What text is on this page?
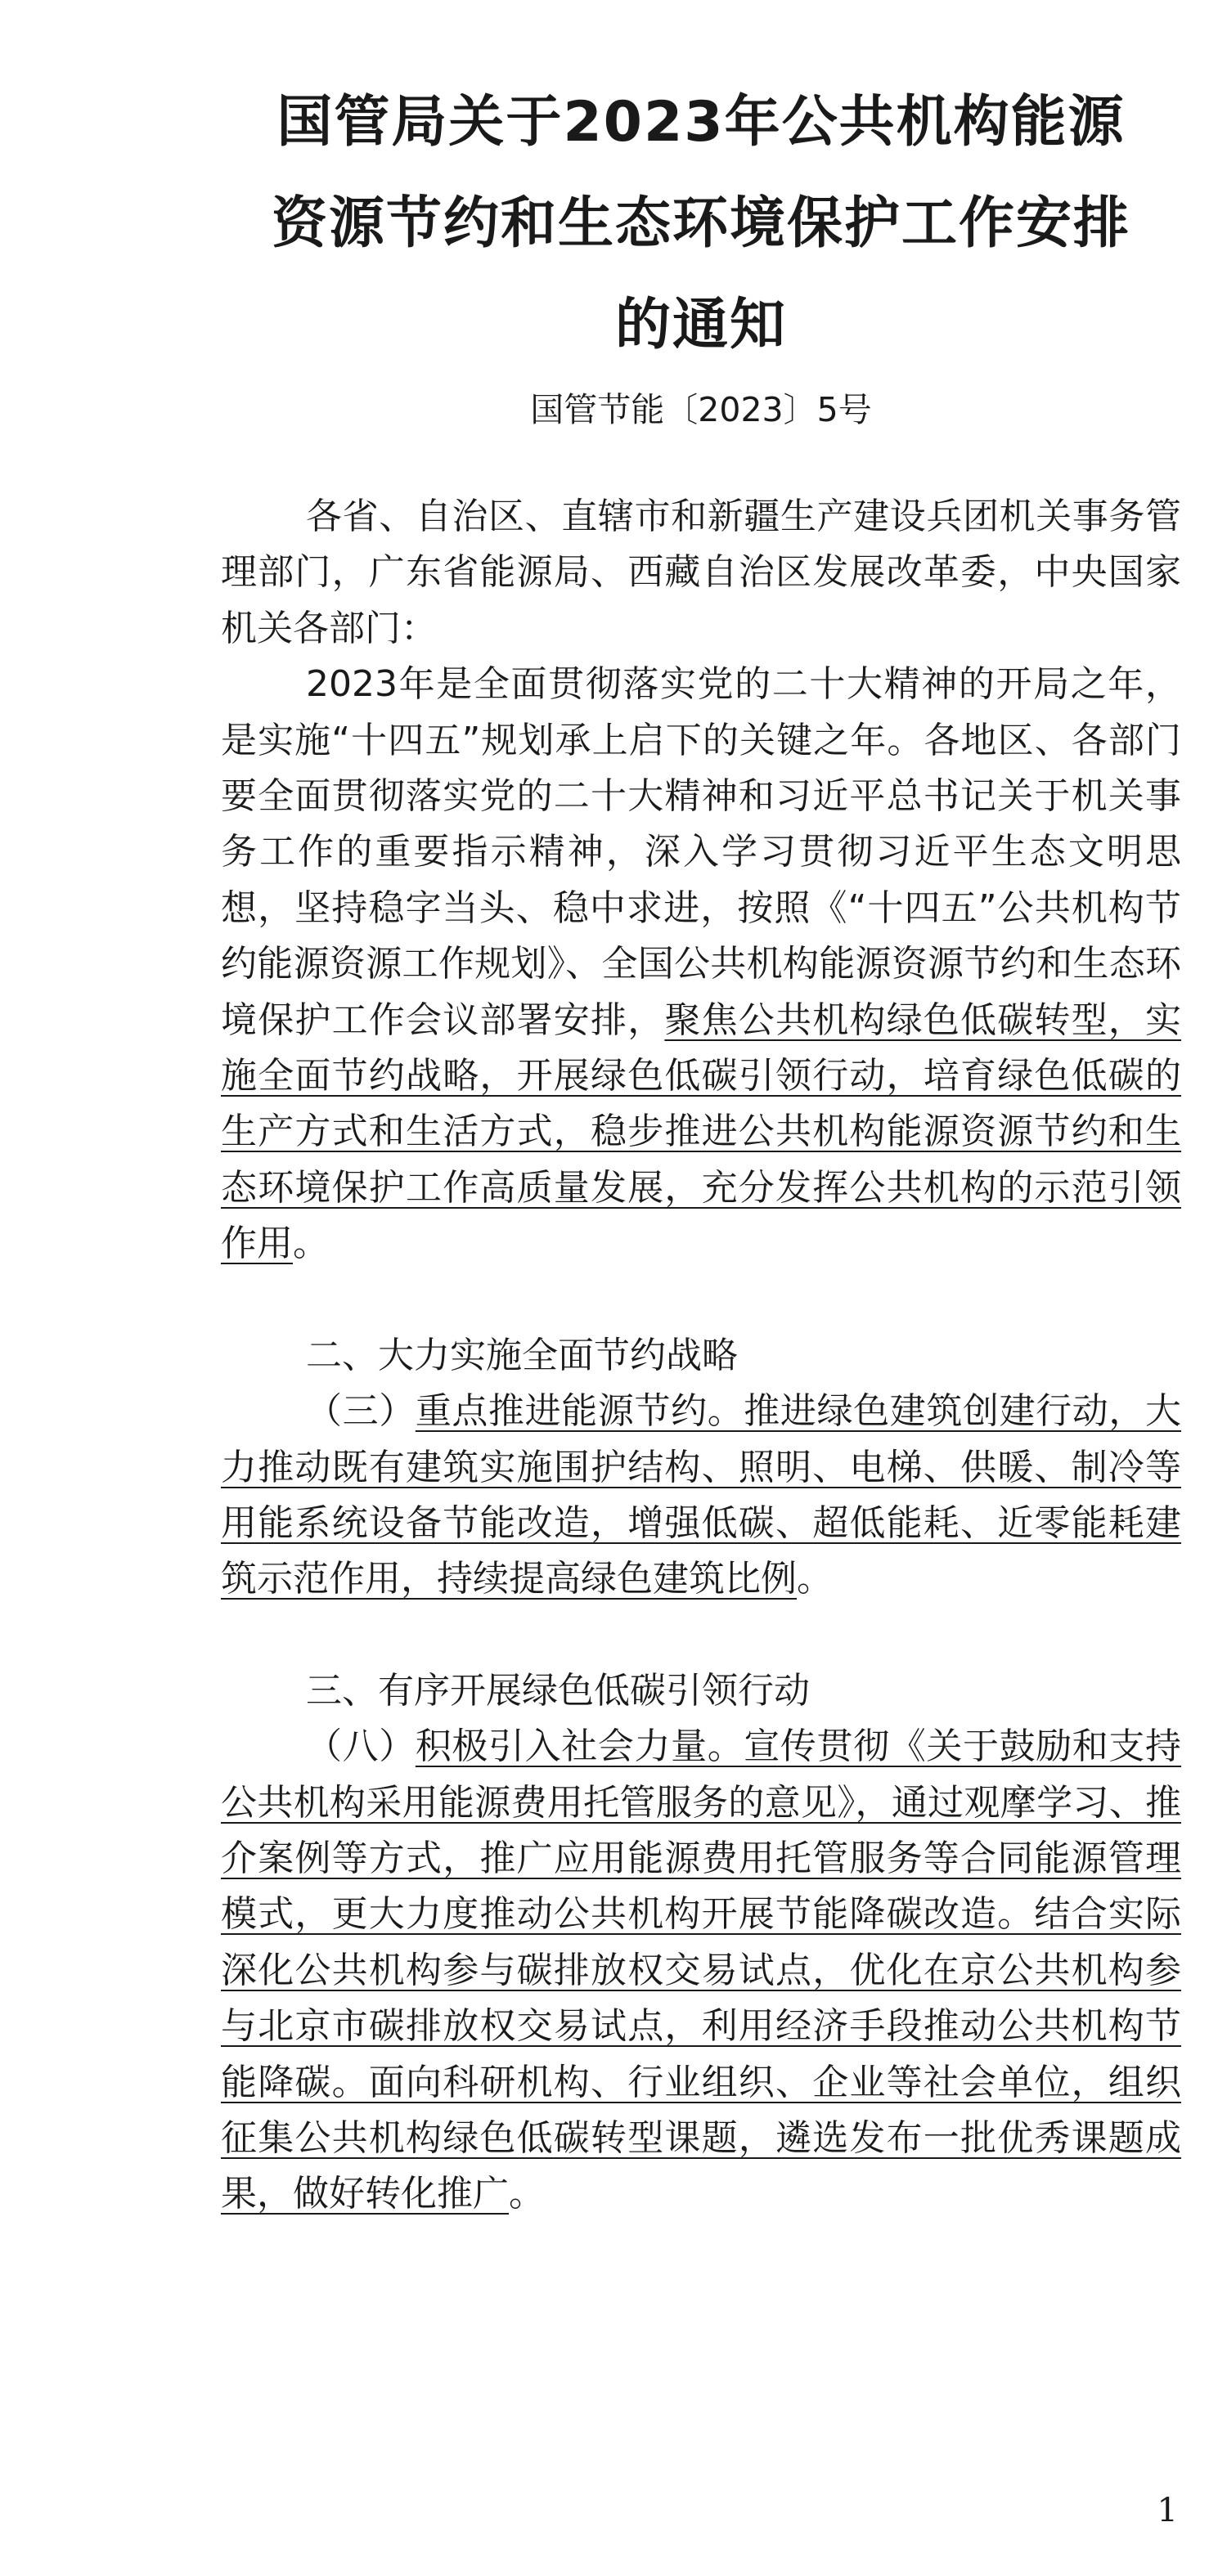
国管局关于2023年公共机构能源
资源节约和生态环境保护工作安排
的通知

国管节能〔2023〕5号

各省、自治区、直辖市和新疆生产建设兵团机关事务管理部门，广东省能源局、西藏自治区发展改革委，中央国家机关各部门：

2023年是全面贯彻落实党的二十大精神的开局之年，是实施“十四五”规划承上启下的关键之年。各地区、各部门要全面贯彻落实党的二十大精神和习近平总书记关于机关事务工作的重要指示精神，深入学习贯彻习近平生态文明思想，坚持稳字当头、稳中求进，按照《“十四五”公共机构节约能源资源工作规划》、全国公共机构能源资源节约和生态环境保护工作会议部署安排，聚焦公共机构绿色低碳转型，实施全面节约战略，开展绿色低碳引领行动，培育绿色低碳的生产方式和生活方式，稳步推进公共机构能源资源节约和生态环境保护工作高质量发展，充分发挥公共机构的示范引领作用。

二、大力实施全面节约战略

（三）重点推进能源节约。推进绿色建筑创建行动，大力推动既有建筑实施围护结构、照明、电梯、供暖、制冷等用能系统设备节能改造，增强低碳、超低能耗、近零能耗建筑示范作用，持续提高绿色建筑比例。

三、有序开展绿色低碳引领行动

（八）积极引入社会力量。宣传贯彻《关于鼓励和支持公共机构采用能源费用托管服务的意见》，通过观摩学习、推介案例等方式，推广应用能源费用托管服务等合同能源管理模式，更大力度推动公共机构开展节能降碳改造。结合实际深化公共机构参与碳排放权交易试点，优化在京公共机构参与北京市碳排放权交易试点，利用经济手段推动公共机构节能降碳。面向科研机构、行业组织、企业等社会单位，组织征集公共机构绿色低碳转型课题，遴选发布一批优秀课题成果，做好转化推广。

1
